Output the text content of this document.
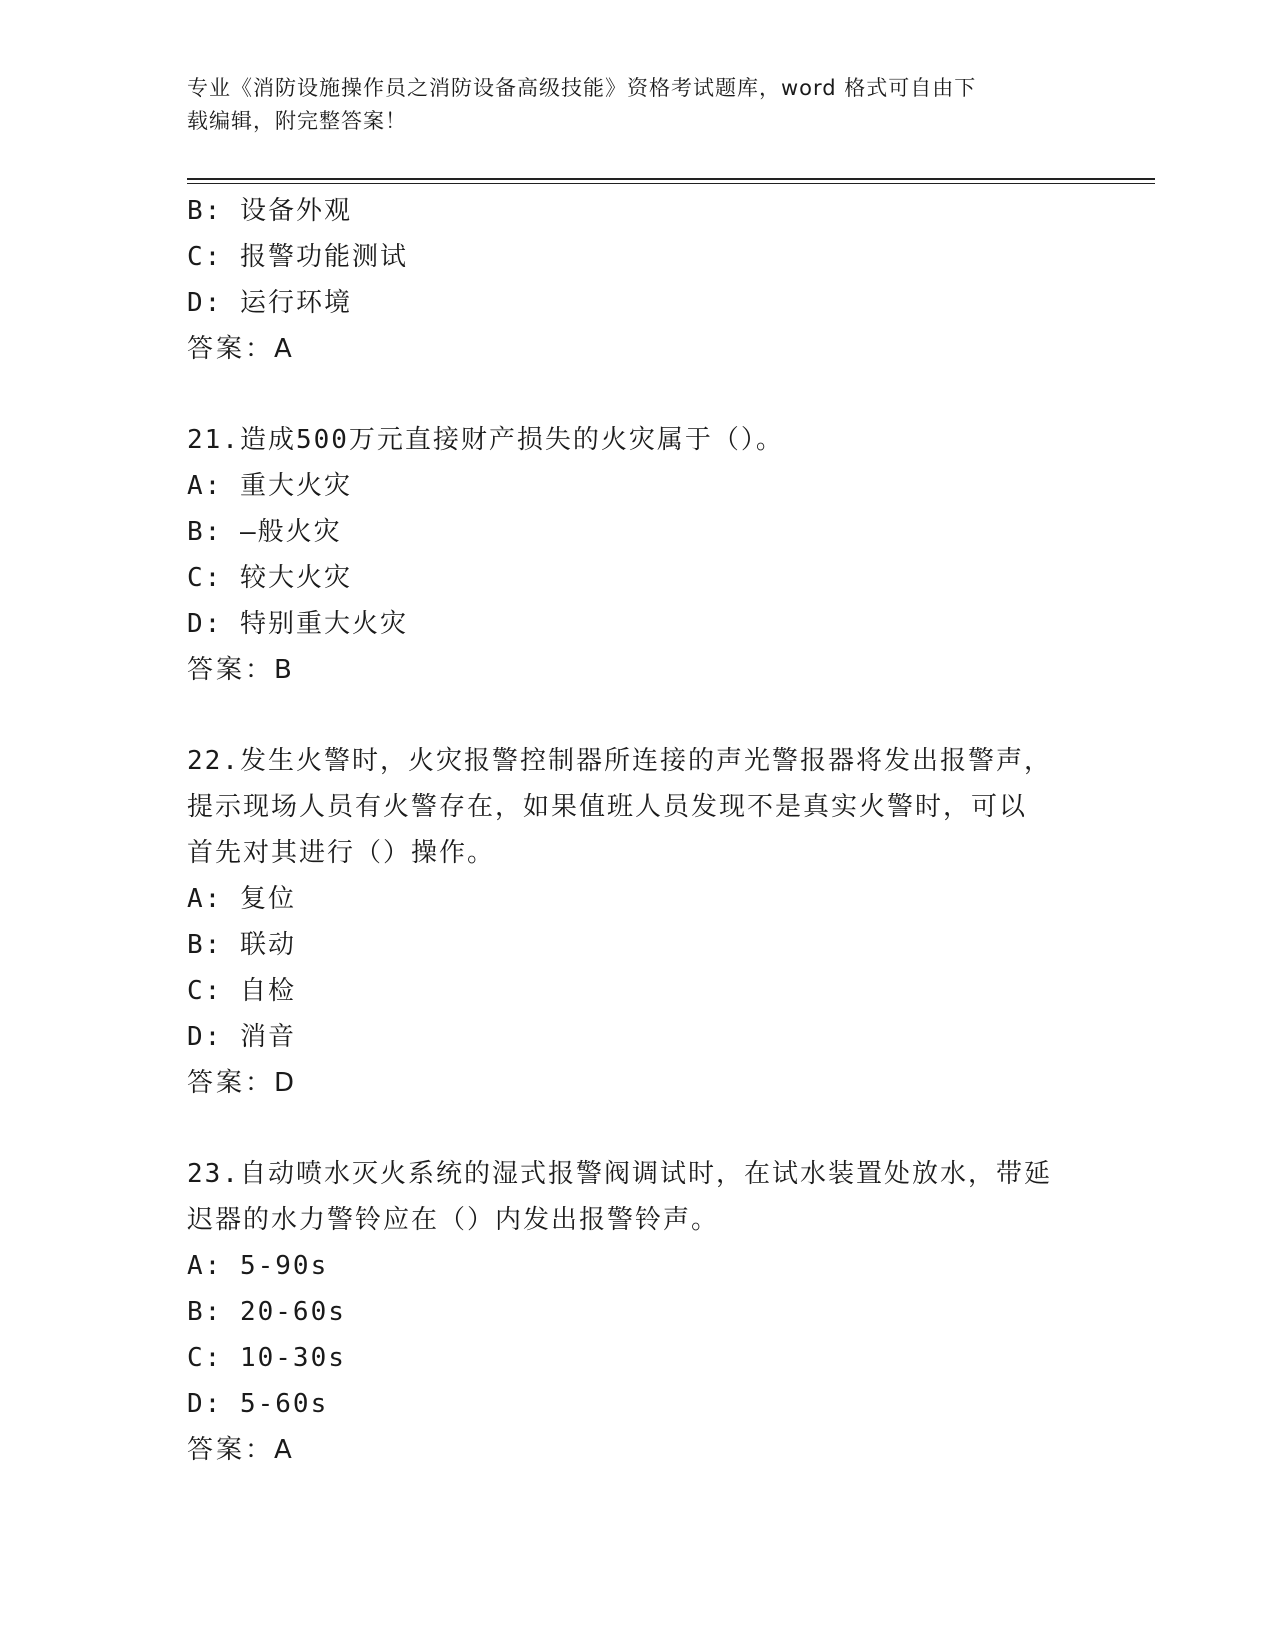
专业《消防设施操作员之消防设备高级技能》资格考试题库，word 格式可自由下
载编辑，附完整答案！
B: 设备外观
C: 报警功能测试
D: 运行环境
答案：A
21.造成500万元直接财产损失的火灾属于（）。
A: 重大火灾
B: —般火灾
C: 较大火灾
D: 特别重大火灾
答案：B
22.发生火警时，火灾报警控制器所连接的声光警报器将发出报警声，
提示现场人员有火警存在，如果值班人员发现不是真实火警时，可以
首先对其进行（）操作。
A: 复位
B: 联动
C: 自检
D: 消音
答案：D
23.自动喷水灭火系统的湿式报警阀调试时，在试水装置处放水，带延
迟器的水力警铃应在（）内发出报警铃声。
A: 5-90s
B: 20-60s
C: 10-30s
D: 5-60s
答案：A
